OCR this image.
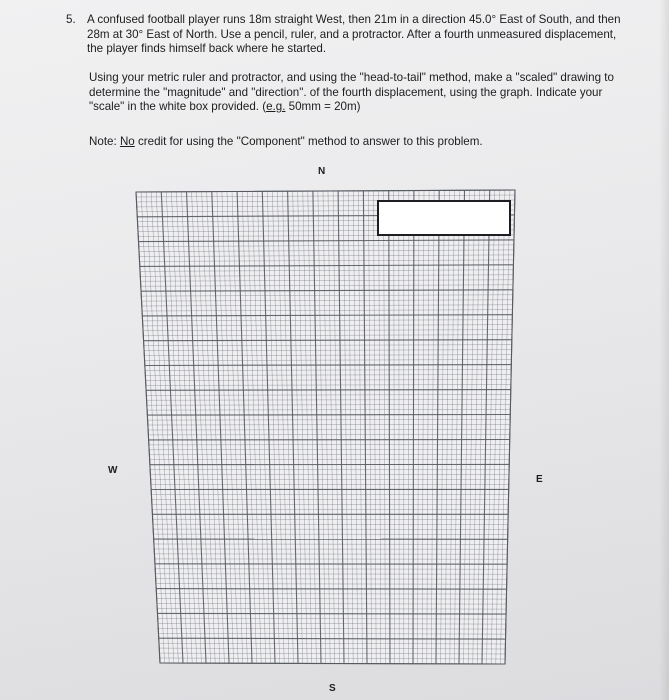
5. A confused football player runs 18m straight West, then 21m in a direction 45.0° East of South, and then 28m at 30° East of North. Use a pencil, ruler, and a protractor. After a fourth unmeasured displacement, the player finds himself back where he started.
Using your metric ruler and protractor, and using the "head-to-tail" method, make a "scaled" drawing to determine the "magnitude" and "direction". of the fourth displacement, using the graph. Indicate your "scale" in the white box provided. (e.g. 50mm = 20m)
Note: No credit for using the "Component" method to answer to this problem.
N
W
E
S
